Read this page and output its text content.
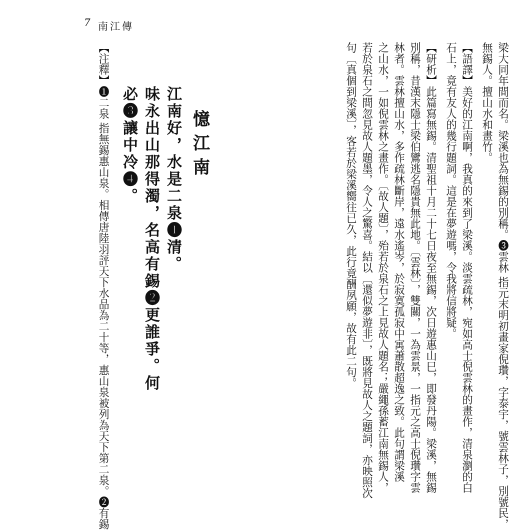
7 南江傳
梁大同年間而名。梁溪也為無錫的別稱。❸雲林 指元末明初畫家倪瓚，字泰宇，號雲林子，別號民，
無錫人。擅山水和畫竹。
【語譯】美好的江南啊，我真的來到了梁溪。淡雲疏林，宛如高士倪雲林的畫作，清泉瀏的白
石上，竟有友人的幾行題詞。這是在夢遊嗎，令我將信將疑。
【研析】此篇寫無錫。清聖祖十月二十七日夜至無錫，次日遊惠山巳，即發丹陽。梁溪，無錫
別稱，昔漢末隱士梁伯鸞逃名隱貴無此地。〔雲林〕，雙關，一為雲景，一指元之高士倪瓚字雲
林者。雲林擅山水，多作疏林斷岸，遠水遙岑，於寂寞孤寂中寓蕭散超逸之致。此句謂梁溪
之山水，一如倪雲林之畫作。〔故人題〕，殆若於泉石之上見故人題名；嚴繩孫蓄江南無錫人，
若於泉石之間忽見故人題墨，令人之驚喜。結以〔還似夢遊非〕，既將見故人之題詞，亦映照次
句〔真個到梁溪〕，客若於梁溪嚮往已久，此行竟酬夙願，故有此二句。
憶江南
江南好，水是二泉❶清。
味永出山那得濁，名高有錫❷更誰爭。何
必❸讓中冷❹。
【注釋】❶二泉 指無錫惠山泉。相傳唐陸羽評天下水品為二十等，惠山泉被列為天下第二泉。❷有錫
